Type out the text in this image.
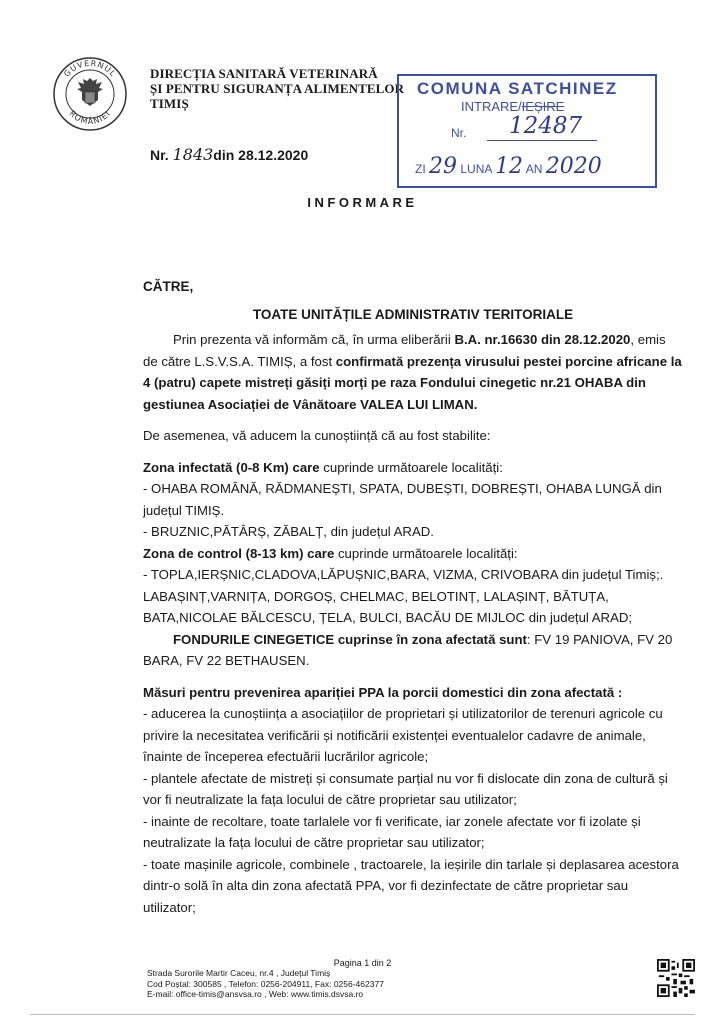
GUVERNUL
ROMÂNIEI
DIRECȚIA SANITARĂ VETERINARĂ
ȘI PENTRU SIGURANȚA ALIMENTELOR
TIMIȘ
COMUNA SATCHINEZ
INTRARE/IEȘIRE
Nr. 12487
ZI 29 LUNA 12 AN 2020
Nr. 1843din 28.12.2020
INFORMARE

CĂTRE,

TOATE UNITĂȚILE ADMINISTRATIV TERITORIALE

Prin prezenta vă informăm că, în urma eliberării B.A. nr.16630 din 28.12.2020, emis de către L.S.V.S.A. TIMIȘ, a fost confirmată prezența virusului pestei porcine africane la 4 (patru) capete mistreți găsiți morți pe raza Fondului cinegetic nr.21 OHABA din gestiunea Asociației de Vânătoare VALEA LUI LIMAN.

De asemenea, vă aducem la cunoștiință că au fost stabilite:

Zona infectată (0-8 Km) care cuprinde următoarele localități:

- OHABA ROMÂNĂ, RĂDMANEȘTI, SPATA, DUBEȘTI, DOBREȘTI, OHABA LUNGĂ din județul TIMIȘ.

- BRUZNIC,PĂTÂRȘ, ZĂBALȚ, din județul ARAD.

Zona de control (8-13 km) care cuprinde următoarele localități:

- TOPLA,IERȘNIC,CLADOVA,LĂPUȘNIC,BARA, VIZMA, CRIVOBARA din județul Timiș;.

LABAȘINȚ,VARNIȚA, DORGOȘ, CHELMAC, BELOTINȚ, LALAȘINȚ, BĂTUȚA, BATA,NICOLAE BĂLCESCU, ȚELA, BULCI, BACĂU DE MIJLOC din județul ARAD;

FONDURILE CINEGETICE cuprinse în zona afectată sunt: FV 19 PANIOVA, FV 20 BARA, FV 22 BETHAUSEN.

Măsuri pentru prevenirea apariției PPA la porcii domestici din zona afectată :

- aducerea la cunoștiința a asociațiilor de proprietari și utilizatorilor de terenuri agricole cu privire la necesitatea verificării și notificării existenței eventualelor cadavre de animale, înainte de începerea efectuării lucrărilor agricole;

- plantele afectate de mistreți și consumate parțial nu vor fi dislocate din zona de cultură și vor fi neutralizate la fața locului de către proprietar sau utilizator;

- inainte de recoltare, toate tarlalele vor fi verificate, iar zonele afectate vor fi izolate și neutralizate la fața locului de către proprietar sau utilizator;

- toate mașinile agricole, combinele , tractoarele, la ieșirile din tarlale și deplasarea acestora dintr-o solă în alta din zona afectată PPA, vor fi dezinfectate de către proprietar sau utilizator;

Pagina 1 din 2
Strada Surorile Martir Caceu, nr.4 , Județul Timiș
Cod Poștal: 300585 , Telefon: 0256-204911, Fax: 0256-462377
E-mail: office-timis@ansvsa.ro , Web: www.timis.dsvsa.ro
